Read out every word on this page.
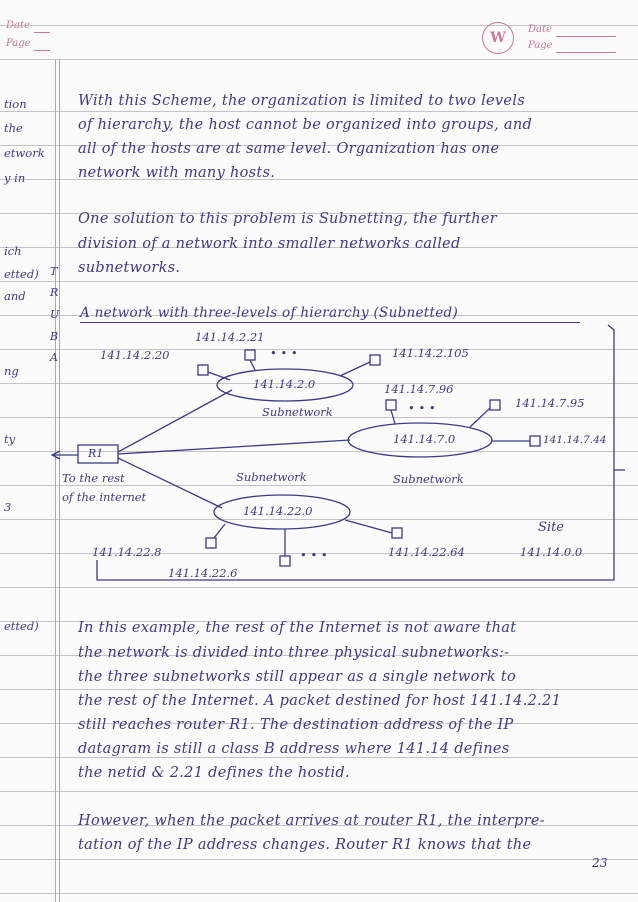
Date
Page	W
Date
Page
tion
the
etwork
y in
ich
etted)
and
ng
ty
3
etted)
T
R
U
B
A
With this Scheme, the organization is limited to two levels
of hierarchy, the host cannot be organized into groups, and
all of the hosts are at same level. Organization has one
network with many hosts.
One solution to this problem is Subnetting, the further
division of a network into smaller networks called
subnetworks.
A network with three-levels of hierarchy (Subnetted)
141.14.2.21
141.14.2.20	• • •	141.14.2.105
141.14.2.0
Subnetwork
141.14.7.96
• • •	141.14.7.95
141.14.7.0	141.14.7.44
R1
To the rest
of the internet
Subnetwork	Subnetwork
141.14.22.0
Site
141.14.22.8	• • •	141.14.22.64	141.14.0.0
141.14.22.6
In this example, the rest of the Internet is not aware that
the network is divided into three physical subnetworks:-
the three subnetworks still appear as a single network to
the rest of the Internet. A packet destined for host 141.14.2.21
still reaches router R1. The destination address of the IP
datagram is still a class B address where 141.14 defines
the netid & 2.21 defines the hostid.
However, when the packet arrives at router R1, the interpre-
tation of the IP address changes. Router R1 knows that the
23
